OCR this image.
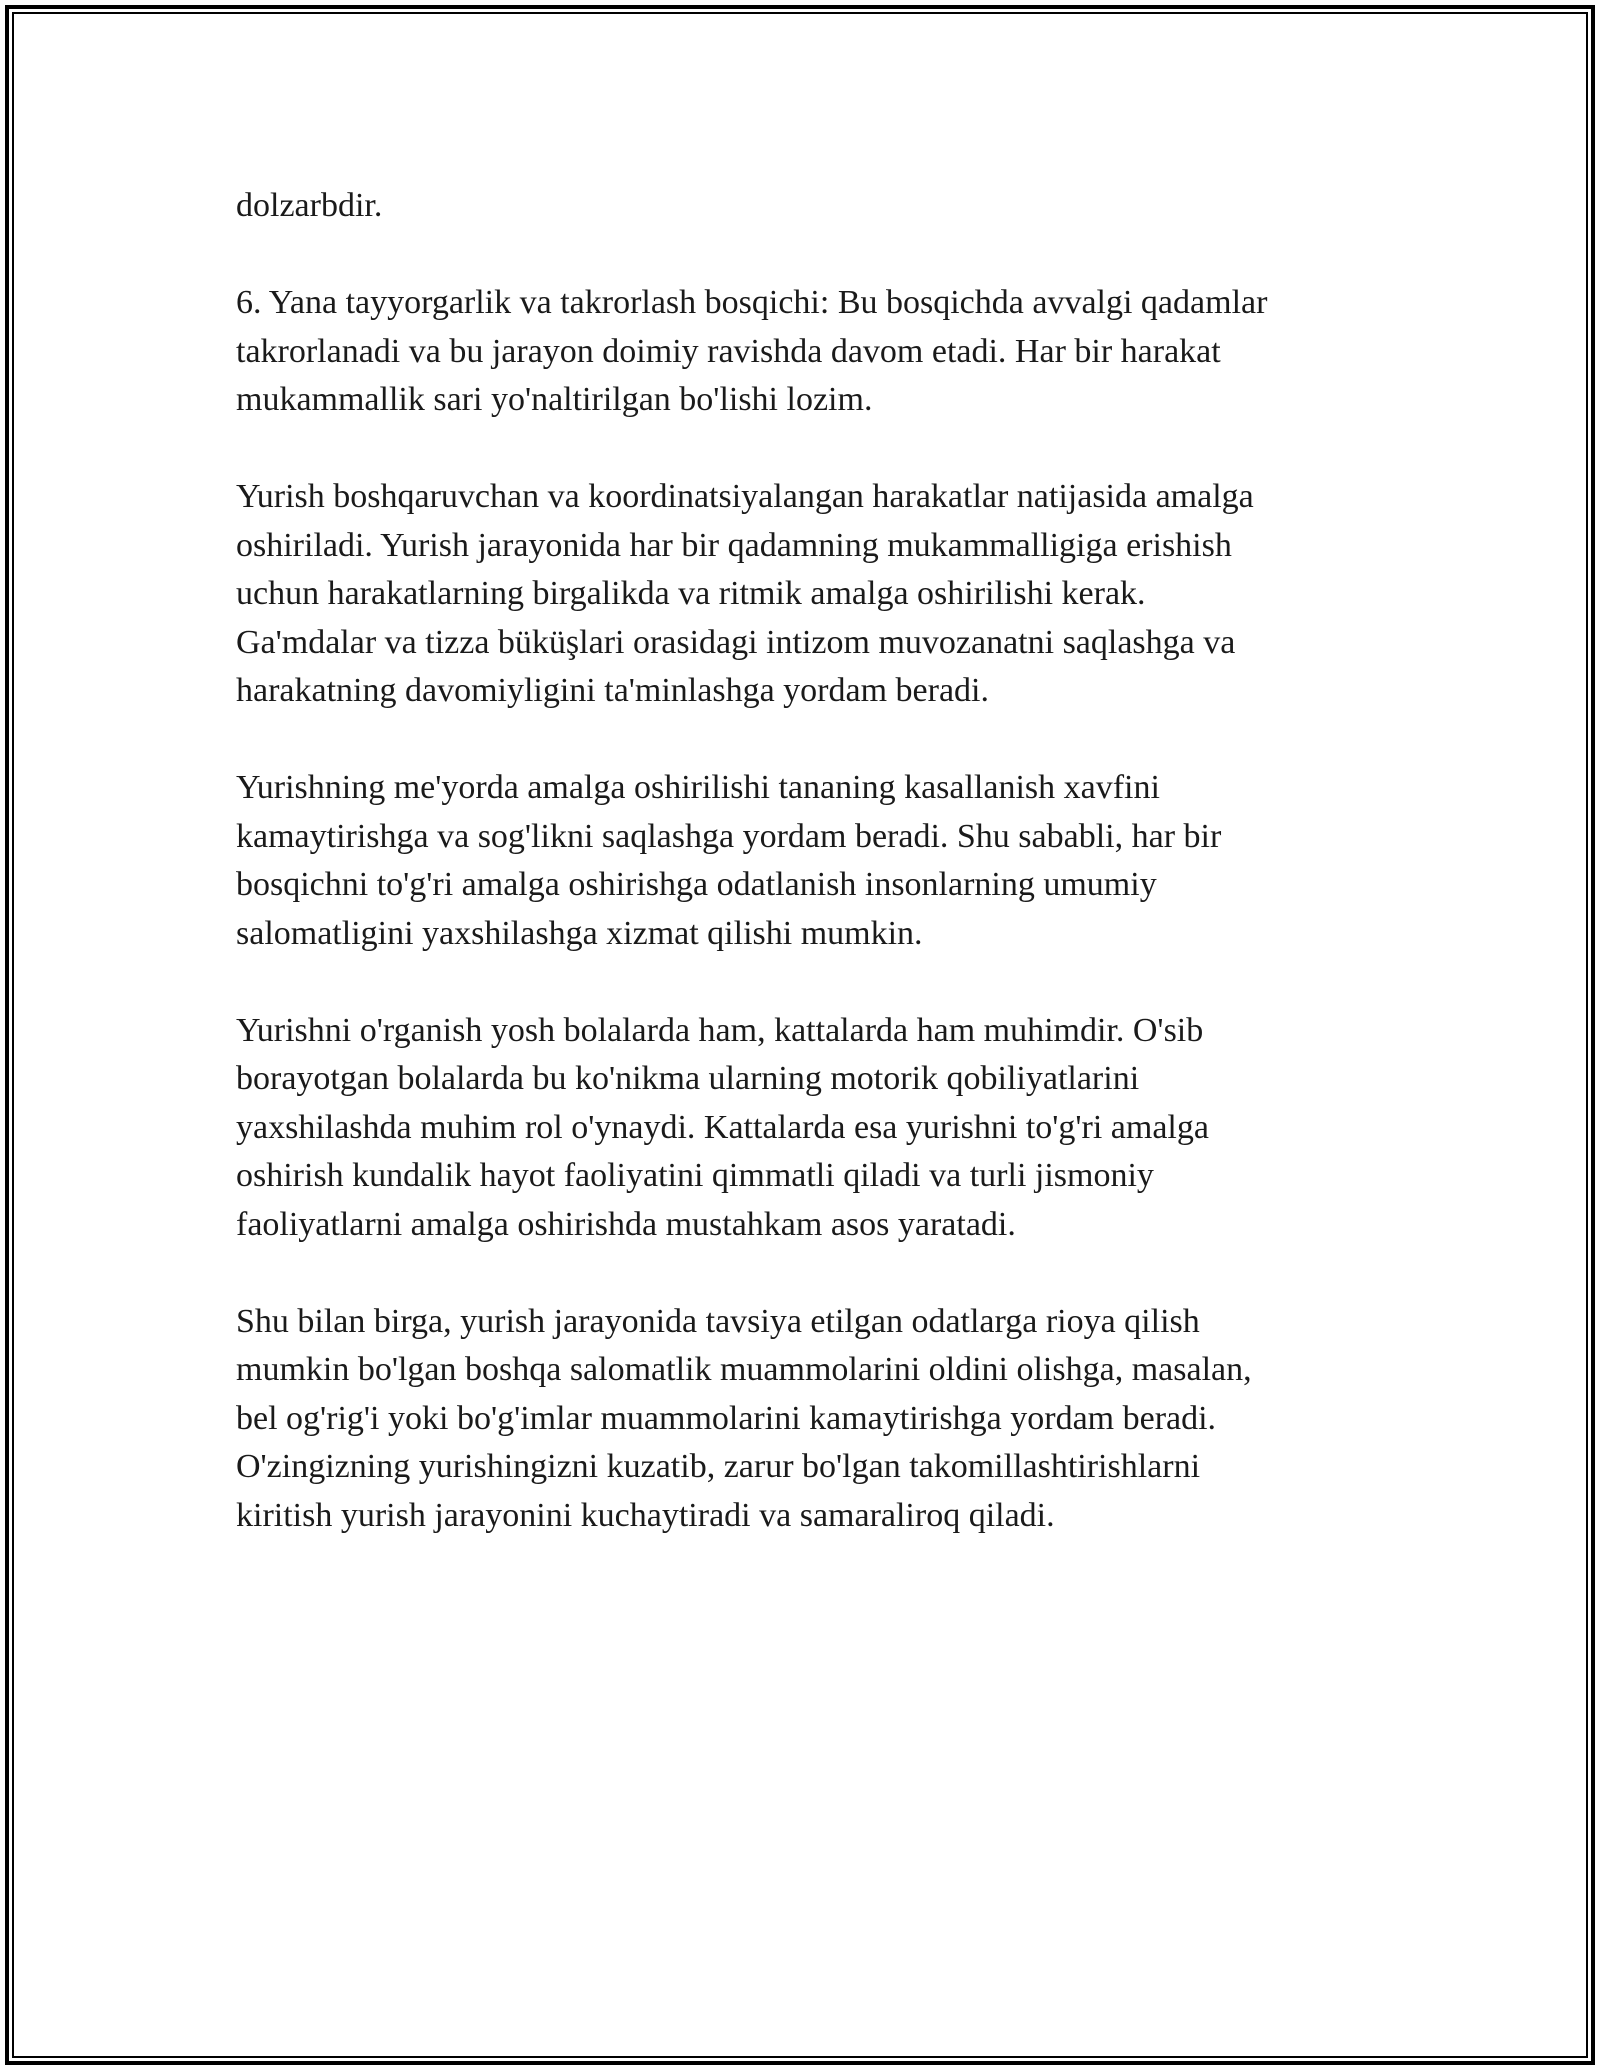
dolzarbdir.

6. Yana tayyorgarlik va takrorlash bosqichi: Bu bosqichda avvalgi qadamlar
takrorlanadi va bu jarayon doimiy ravishda davom etadi. Har bir harakat
mukammallik sari yo'naltirilgan bo'lishi lozim.

Yurish boshqaruvchan va koordinatsiyalangan harakatlar natijasida amalga
oshiriladi. Yurish jarayonida har bir qadamning mukammalligiga erishish
uchun harakatlarning birgalikda va ritmik amalga oshirilishi kerak.
Ga'mdalar va tizza büküşlari orasidagi intizom muvozanatni saqlashga va
harakatning davomiyligini ta'minlashga yordam beradi.

Yurishning me'yorda amalga oshirilishi tananing kasallanish xavfini
kamaytirishga va sog'likni saqlashga yordam beradi. Shu sababli, har bir
bosqichni to'g'ri amalga oshirishga odatlanish insonlarning umumiy
salomatligini yaxshilashga xizmat qilishi mumkin.

Yurishni o'rganish yosh bolalarda ham, kattalarda ham muhimdir. O'sib
borayotgan bolalarda bu ko'nikma ularning motorik qobiliyatlarini
yaxshilashda muhim rol o'ynaydi. Kattalarda esa yurishni to'g'ri amalga
oshirish kundalik hayot faoliyatini qimmatli qiladi va turli jismoniy
faoliyatlarni amalga oshirishda mustahkam asos yaratadi.

Shu bilan birga, yurish jarayonida tavsiya etilgan odatlarga rioya qilish
mumkin bo'lgan boshqa salomatlik muammolarini oldini olishga, masalan,
bel og'rig'i yoki bo'g'imlar muammolarini kamaytirishga yordam beradi.
O'zingizning yurishingizni kuzatib, zarur bo'lgan takomillashtirishlarni
kiritish yurish jarayonini kuchaytiradi va samaraliroq qiladi.
